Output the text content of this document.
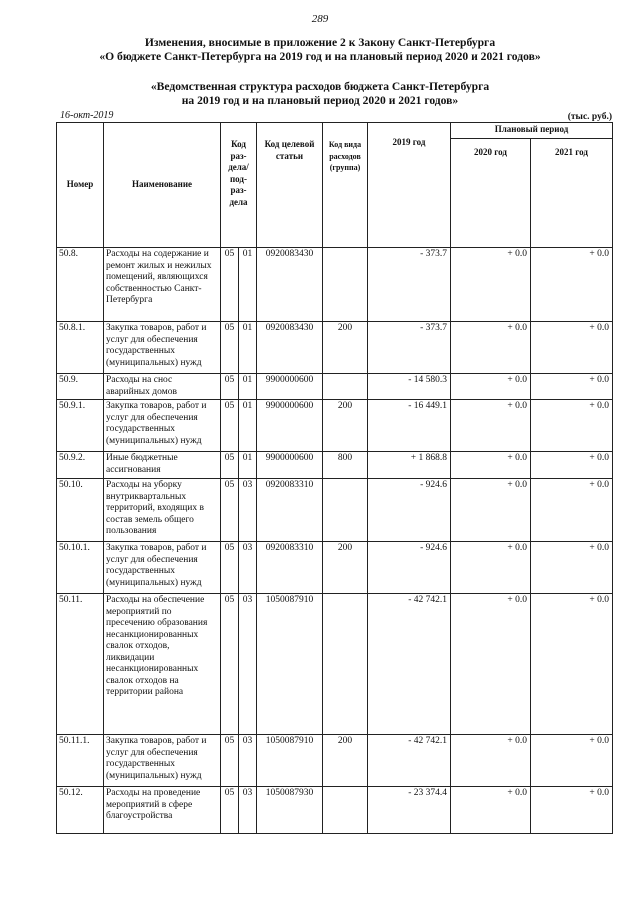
289
Изменения, вносимые в приложение 2 к Закону Санкт-Петербурга
«О бюджете Санкт-Петербурга на 2019 год и на плановый период 2020 и 2021 годов»
«Ведомственная структура расходов бюджета Санкт-Петербурга
на 2019 год и на плановый период 2020 и 2021 годов»
16-окт-2019	(тыс. руб.)
Номер	Наименование	Код раз- дела/ под- раз- дела		Код целевой статьи	Код вида расходов (группа)	2019 год	Плановый период	
							2020 год	2021 год
50.8.	Расходы на содержание и ремонт жилых и нежилых помещений, являющихся собственностью Санкт-Петербурга	05	01	0920083430		- 373.7	+ 0.0	+ 0.0
50.8.1.	Закупка товаров, работ и услуг для обеспечения государственных (муниципальных) нужд	05	01	0920083430	200	- 373.7	+ 0.0	+ 0.0
50.9.	Расходы на снос аварийных домов	05	01	9900000600		- 14 580.3	+ 0.0	+ 0.0
50.9.1.	Закупка товаров, работ и услуг для обеспечения государственных (муниципальных) нужд	05	01	9900000600	200	- 16 449.1	+ 0.0	+ 0.0
50.9.2.	Иные бюджетные ассигнования	05	01	9900000600	800	+ 1 868.8	+ 0.0	+ 0.0
50.10.	Расходы на уборку внутриквартальных территорий, входящих в состав земель общего пользования	05	03	0920083310		- 924.6	+ 0.0	+ 0.0
50.10.1.	Закупка товаров, работ и услуг для обеспечения государственных (муниципальных) нужд	05	03	0920083310	200	- 924.6	+ 0.0	+ 0.0
50.11.	Расходы на обеспечение мероприятий по пресечению образования несанкционированных свалок отходов, ликвидации несанкционированных свалок отходов на территории района	05	03	1050087910		- 42 742.1	+ 0.0	+ 0.0
50.11.1.	Закупка товаров, работ и услуг для обеспечения государственных (муниципальных) нужд	05	03	1050087910	200	- 42 742.1	+ 0.0	+ 0.0
50.12.	Расходы на проведение мероприятий в сфере благоустройства	05	03	1050087930		- 23 374.4	+ 0.0	+ 0.0
